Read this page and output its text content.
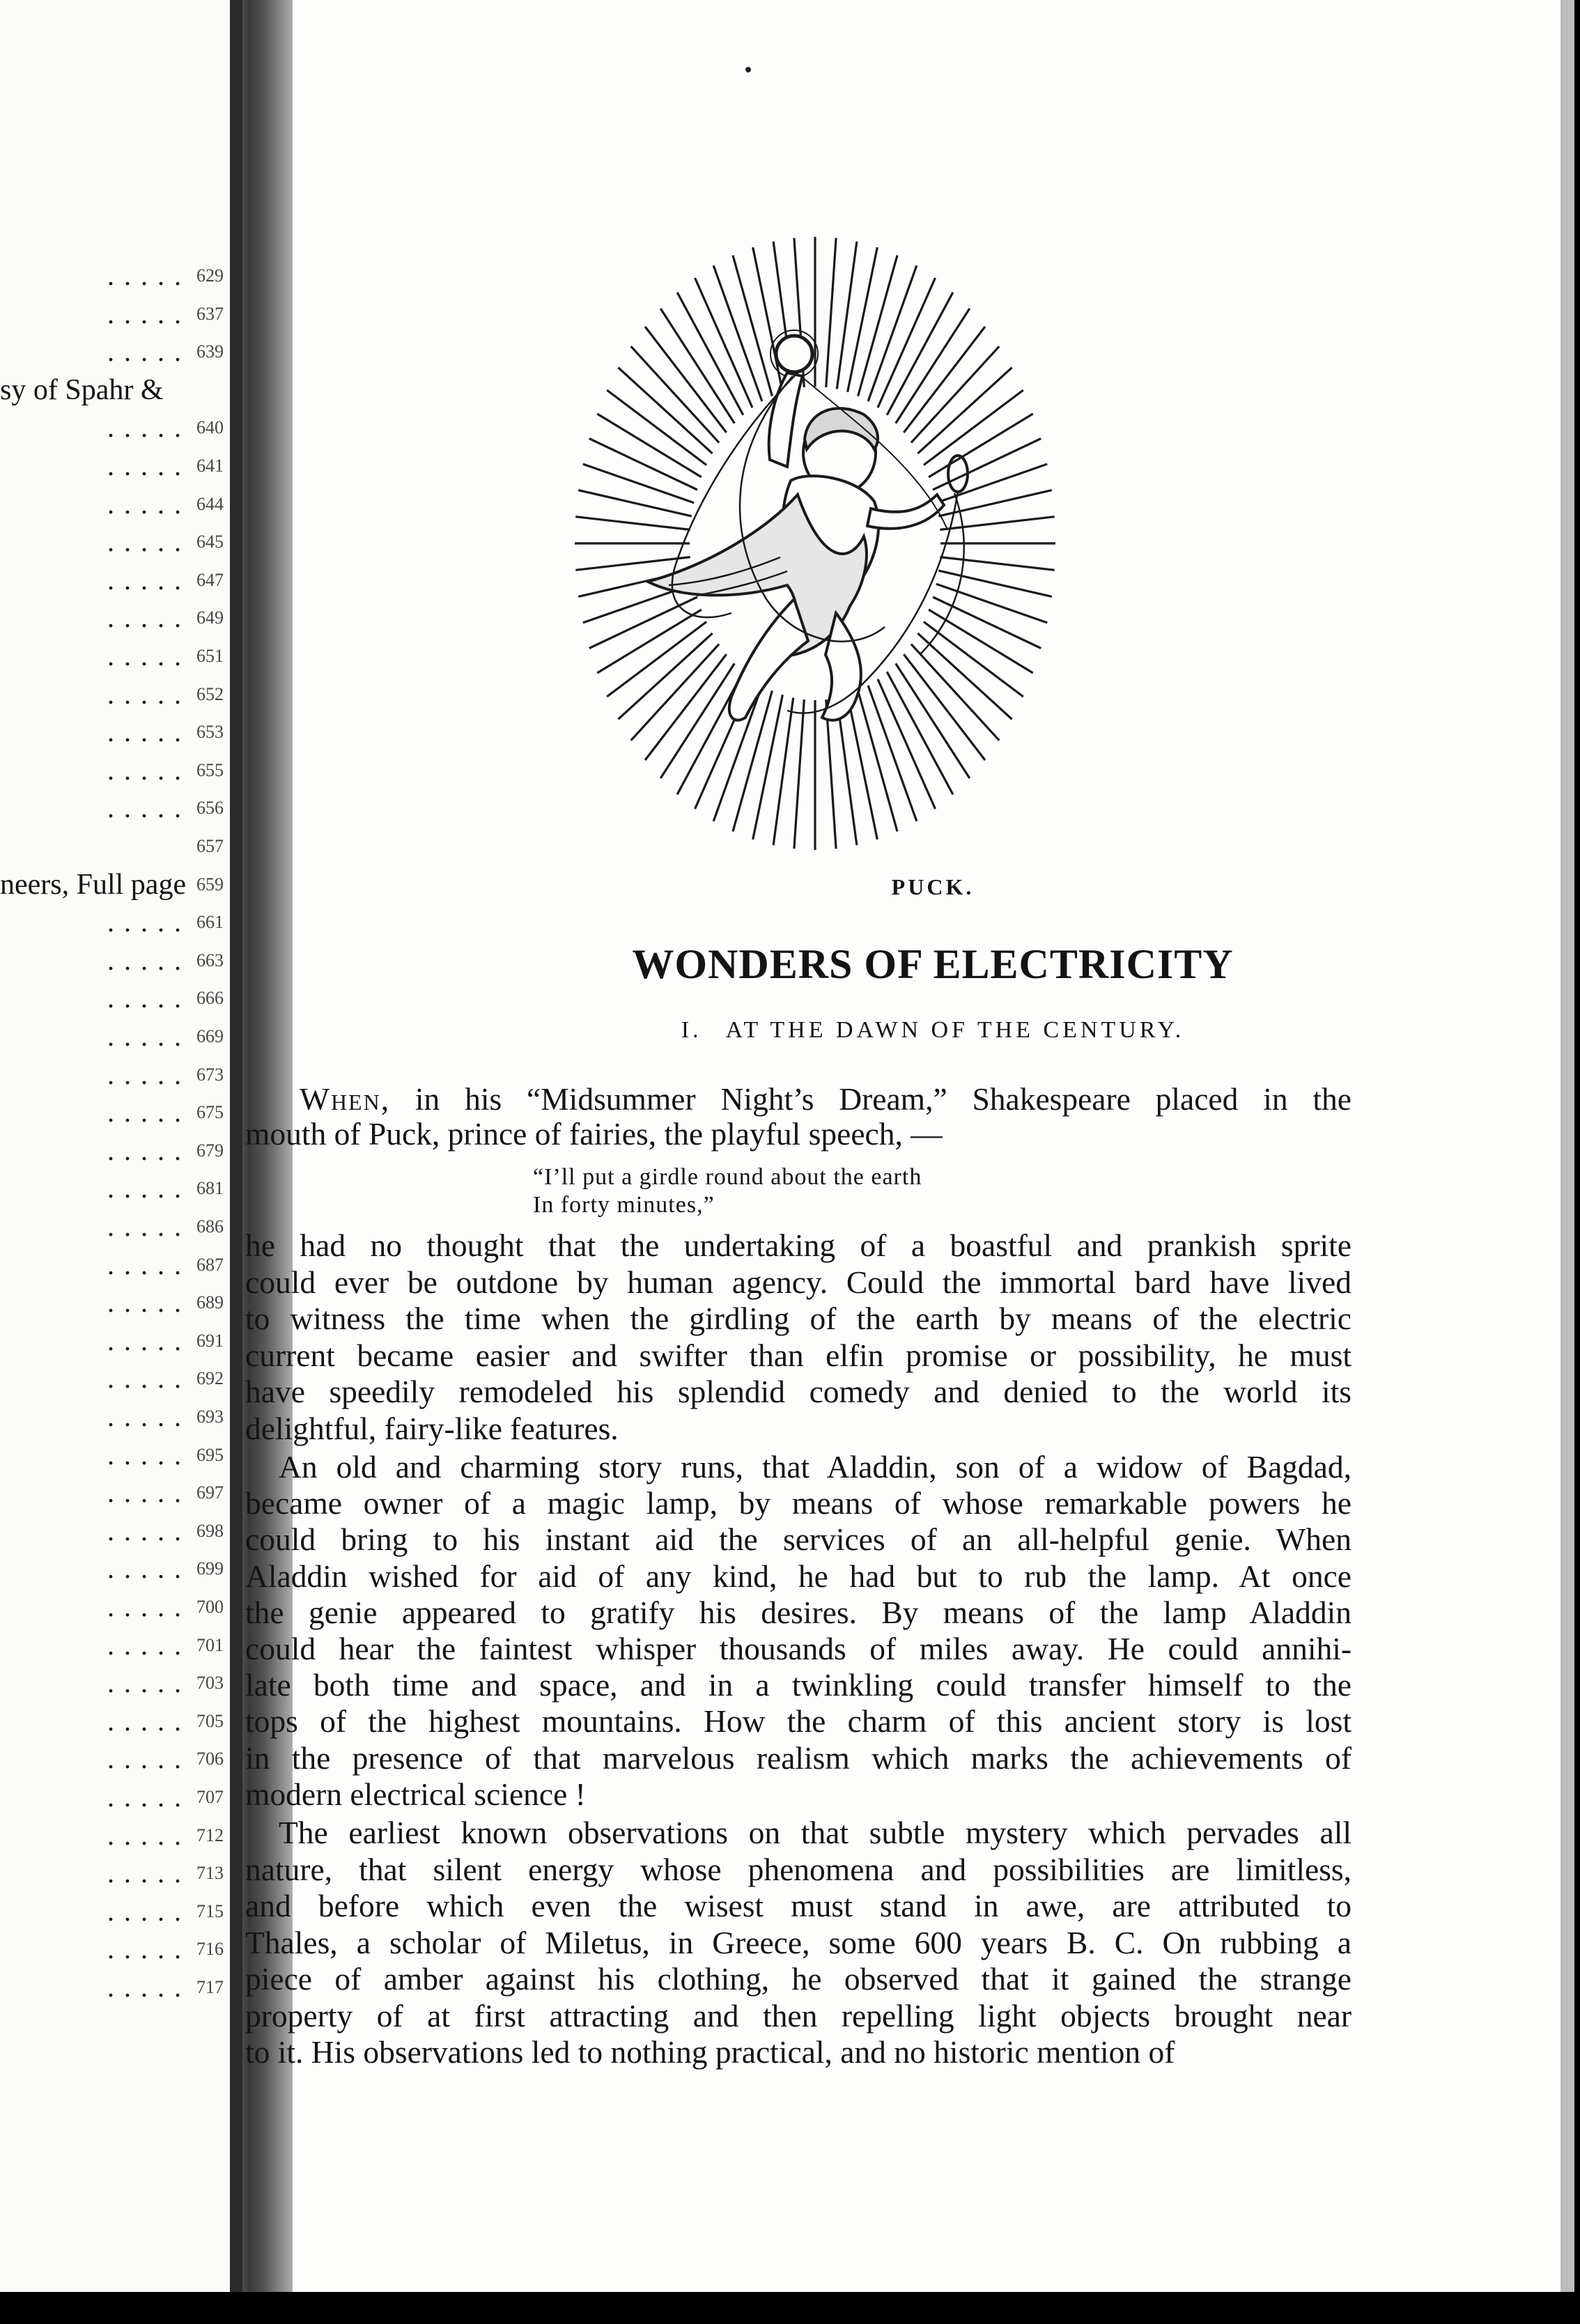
. . . . . 629
. . . . . 637
. . . . . 639
sy of Spahr &
. . . . . 640
. . . . . 641
. . . . . 644
. . . . . 645
. . . . . 647
. . . . . 649
. . . . . 651
. . . . . 652
. . . . . 653
. . . . . 655
. . . . . 656
657
neers, Full page 659
. . . . . 661
. . . . . 663
. . . . . 666
. . . . . 669
. . . . . 673
. . . . . 675
. . . . . 679
. . . . . 681
. . . . . 686
. . . . . 687
. . . . . 689
. . . . . 691
. . . . . 692
. . . . . 693
. . . . . 695
. . . . . 697
. . . . . 698
. . . . . 699
. . . . . 700
. . . . . 701
. . . . . 703
. . . . . 705
. . . . . 706
. . . . . 707
. . . . . 712
. . . . . 713
. . . . . 715
. . . . . 716
. . . . . 717
PUCK.
WONDERS OF ELECTRICITY
I. AT THE DAWN OF THE CENTURY.
When, in his “Midsummer Night’s Dream,” Shakespeare placed in the
mouth of Puck, prince of fairies, the playful speech, —
“I’ll put a girdle round about the earth
In forty minutes,”
he had no thought that the undertaking of a boastful and prankish sprite
could ever be outdone by human agency. Could the immortal bard have lived
to witness the time when the girdling of the earth by means of the electric
current became easier and swifter than elfin promise or possibility, he must
have speedily remodeled his splendid comedy and denied to the world its
delightful, fairy-like features.
An old and charming story runs, that Aladdin, son of a widow of Bagdad,
became owner of a magic lamp, by means of whose remarkable powers he
could bring to his instant aid the services of an all-helpful genie. When
Aladdin wished for aid of any kind, he had but to rub the lamp. At once
the genie appeared to gratify his desires. By means of the lamp Aladdin
could hear the faintest whisper thousands of miles away. He could annihi-
late both time and space, and in a twinkling could transfer himself to the
tops of the highest mountains. How the charm of this ancient story is lost
in the presence of that marvelous realism which marks the achievements of
modern electrical science !
The earliest known observations on that subtle mystery which pervades all
nature, that silent energy whose phenomena and possibilities are limitless,
and before which even the wisest must stand in awe, are attributed to
Thales, a scholar of Miletus, in Greece, some 600 years B. C. On rubbing a
piece of amber against his clothing, he observed that it gained the strange
property of at first attracting and then repelling light objects brought near
to it. His observations led to nothing practical, and no historic mention of
